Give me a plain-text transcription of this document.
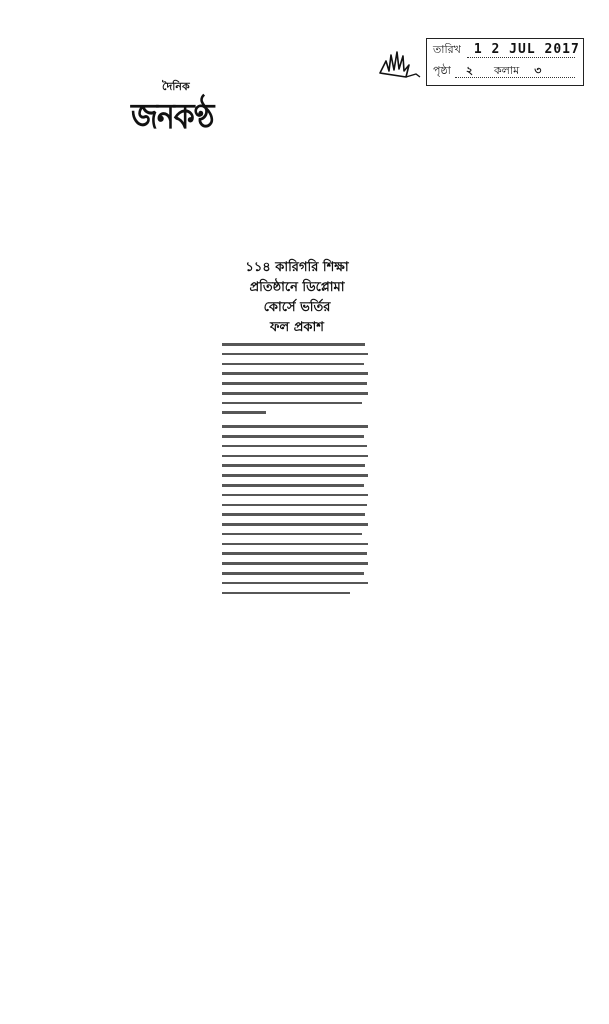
তারিখ 1 2 JUL 2017
পৃষ্ঠা ২ কলাম ৩
দৈনিক
জনকণ্ঠ
১১৪ কারিগরি শিক্ষা
প্রতিষ্ঠানে ডিপ্লোমা
কোর্সে ভর্তির
ফল প্রকাশ
